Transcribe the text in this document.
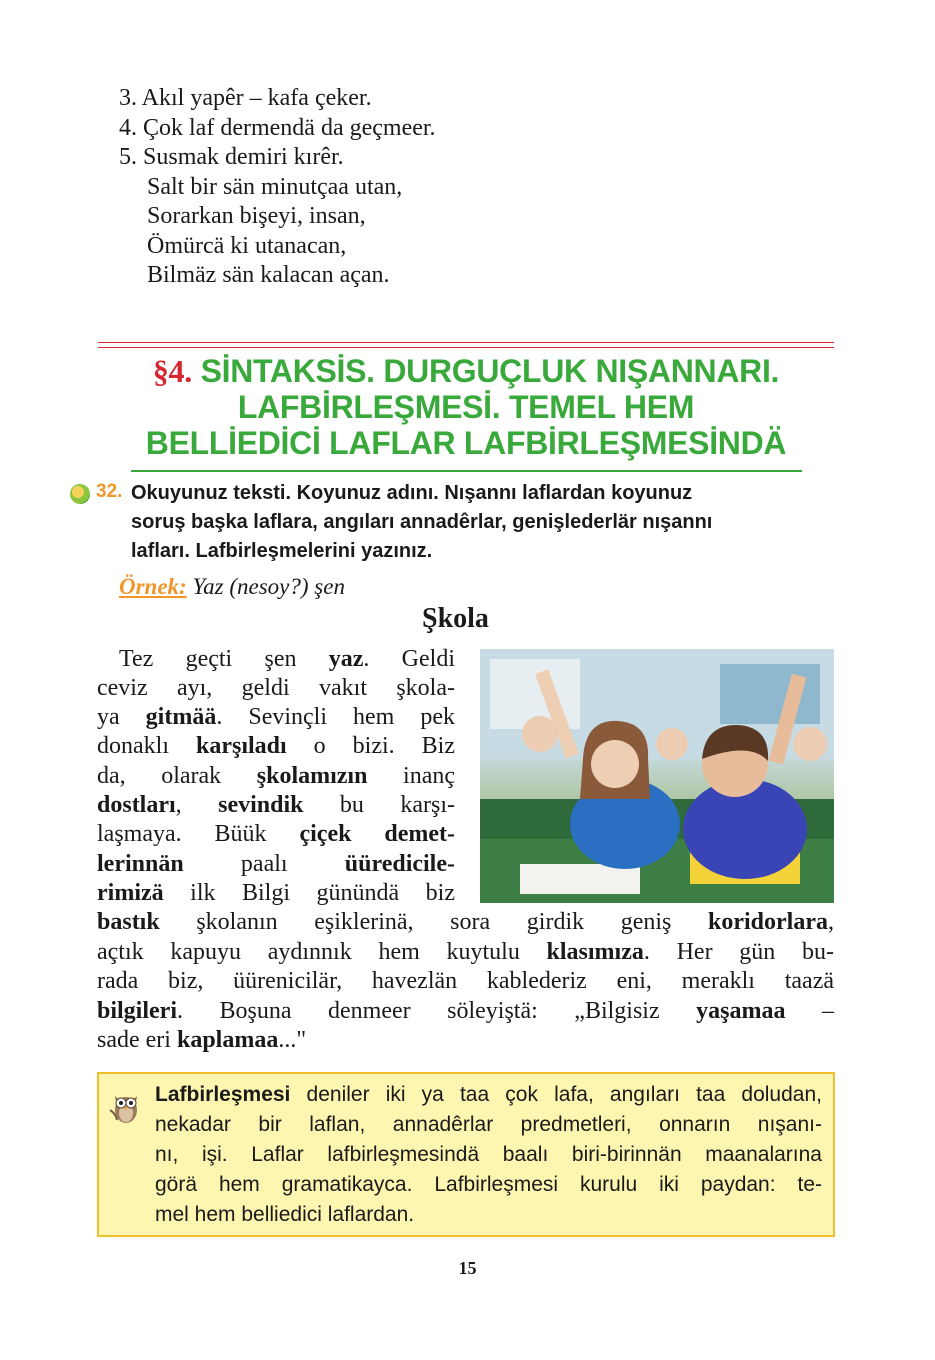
3. Akıl yapêr – kafa çeker.
4. Çok laf dermendä da geçmeer.
5. Susmak demiri kırêr.
Salt bir sän minutçaa utan,
Sorarkan bişeyi, insan,
Ömürcä ki utanacan,
Bilmäz sän kalacan açan.
§4. SİNTAKSİS. DURGUÇLUK NIŞANNARI.
LAFBİRLEŞMESİ. TEMEL HEM
BELLİEDİCİ LAFLAR LAFBİRLEŞMESİNDÄ
32. Okuyunuz teksti. Koyunuz adını. Nışannı laflardan koyunuz
soruş başka laflara, angıları annadêrlar, genişlederlär nışannı
lafları. Lafbirleşmelerini yazınız.
Örnek: Yaz (nesoy?) şen
Şkola
Tez geçti şen yaz. Geldi
ceviz ayı, geldi vakıt şkola-
ya gitmää. Sevinçli hem pek
donaklı karşıladı o bizi. Biz
da, olarak şkolamızın inanç
dostları, sevindik bu karşı-
laşmaya. Büük çiçek demet-
lerinnän paalı üüredicile-
rimizä ilk Bilgi günündä biz
bastık şkolanın eşiklerinä, sora girdik geniş koridorlara,
açtık kapuyu aydınnık hem kuytulu klasımıza. Her gün bu-
rada biz, üürenicilär, havezlän kablederiz eni, meraklı taazä
bilgileri. Boşuna denmeer söleyiştä: „Bilgisiz yaşamaa –
sade eri kaplamaa..."
Lafbirleşmesi deniler iki ya taa çok lafa, angıları taa doludan,
nekadar bir laflan, annadêrlar predmetleri, onnarın nışanı-
nı, işi. Laflar lafbirleşmesindä baalı biri-birinnän maanalarına
görä hem gramatikayca. Lafbirleşmesi kurulu iki paydan: te-
mel hem belliedici laflardan.
15
